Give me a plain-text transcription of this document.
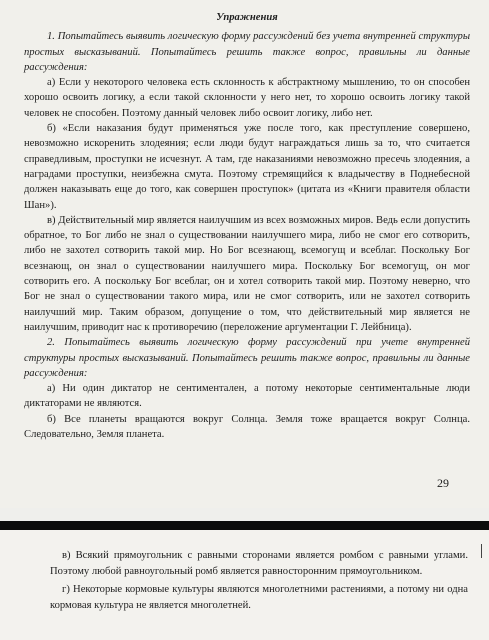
Упражнения

1. Попытайтесь выявить логическую форму рассуждений без учета внутренней структуры простых высказываний. Попытайтесь решить также вопрос, правильны ли данные рассуждения:

а) Если у некоторого человека есть склонность к абстрактному мышлению, то он способен хорошо освоить логику, а если такой склонности у него нет, то хорошо освоить логику такой человек не способен. Поэтому данный человек либо освоит логику, либо нет.

б) «Если наказания будут применяться уже после того, как преступление совершено, невозможно искоренить злодеяния; если люди будут награждаться лишь за то, что считается справедливым, проступки не исчезнут. А там, где наказаниями невозможно пресечь злодеяния, а наградами проступки, неизбежна смута. Поэтому стремящийся к владычеству в Поднебесной должен наказывать еще до того, как совершен проступок» (цитата из «Книги правителя области Шан»).

в) Действительный мир является наилучшим из всех возможных миров. Ведь если допустить обратное, то Бог либо не знал о существовании наилучшего мира, либо не смог его сотворить, либо не захотел сотворить такой мир. Но Бог всезнающ, всемогущ и всеблаг. Поскольку Бог всезнающ, он знал о существовании наилучшего мира. Поскольку Бог всемогущ, он мог сотворить его. А поскольку Бог всеблаг, он и хотел сотворить такой мир. Поэтому неверно, что Бог не знал о существовании такого мира, или не смог сотворить, или не захотел сотворить наилучший мир. Таким образом, допущение о том, что действительный мир является не наилучшим, приводит нас к противоречию (переложение аргументации Г. Лейбница).

2. Попытайтесь выявить логическую форму рассуждений при учете внутренней структуры простых высказываний. Попытайтесь решить также вопрос, правильны ли данные рассуждения:

а) Ни один диктатор не сентиментален, а потому некоторые сентиментальные люди диктаторами не являются.

б) Все планеты вращаются вокруг Солнца. Земля тоже вращается вокруг Солнца. Следовательно, Земля планета.

29

в) Всякий прямоугольник с равными сторонами является ромбом с равными углами. Поэтому любой равноугольный ромб является равносторонним прямоугольником.

г) Некоторые кормовые культуры являются многолетними растениями, а потому ни одна кормовая культура не является многолетней.
